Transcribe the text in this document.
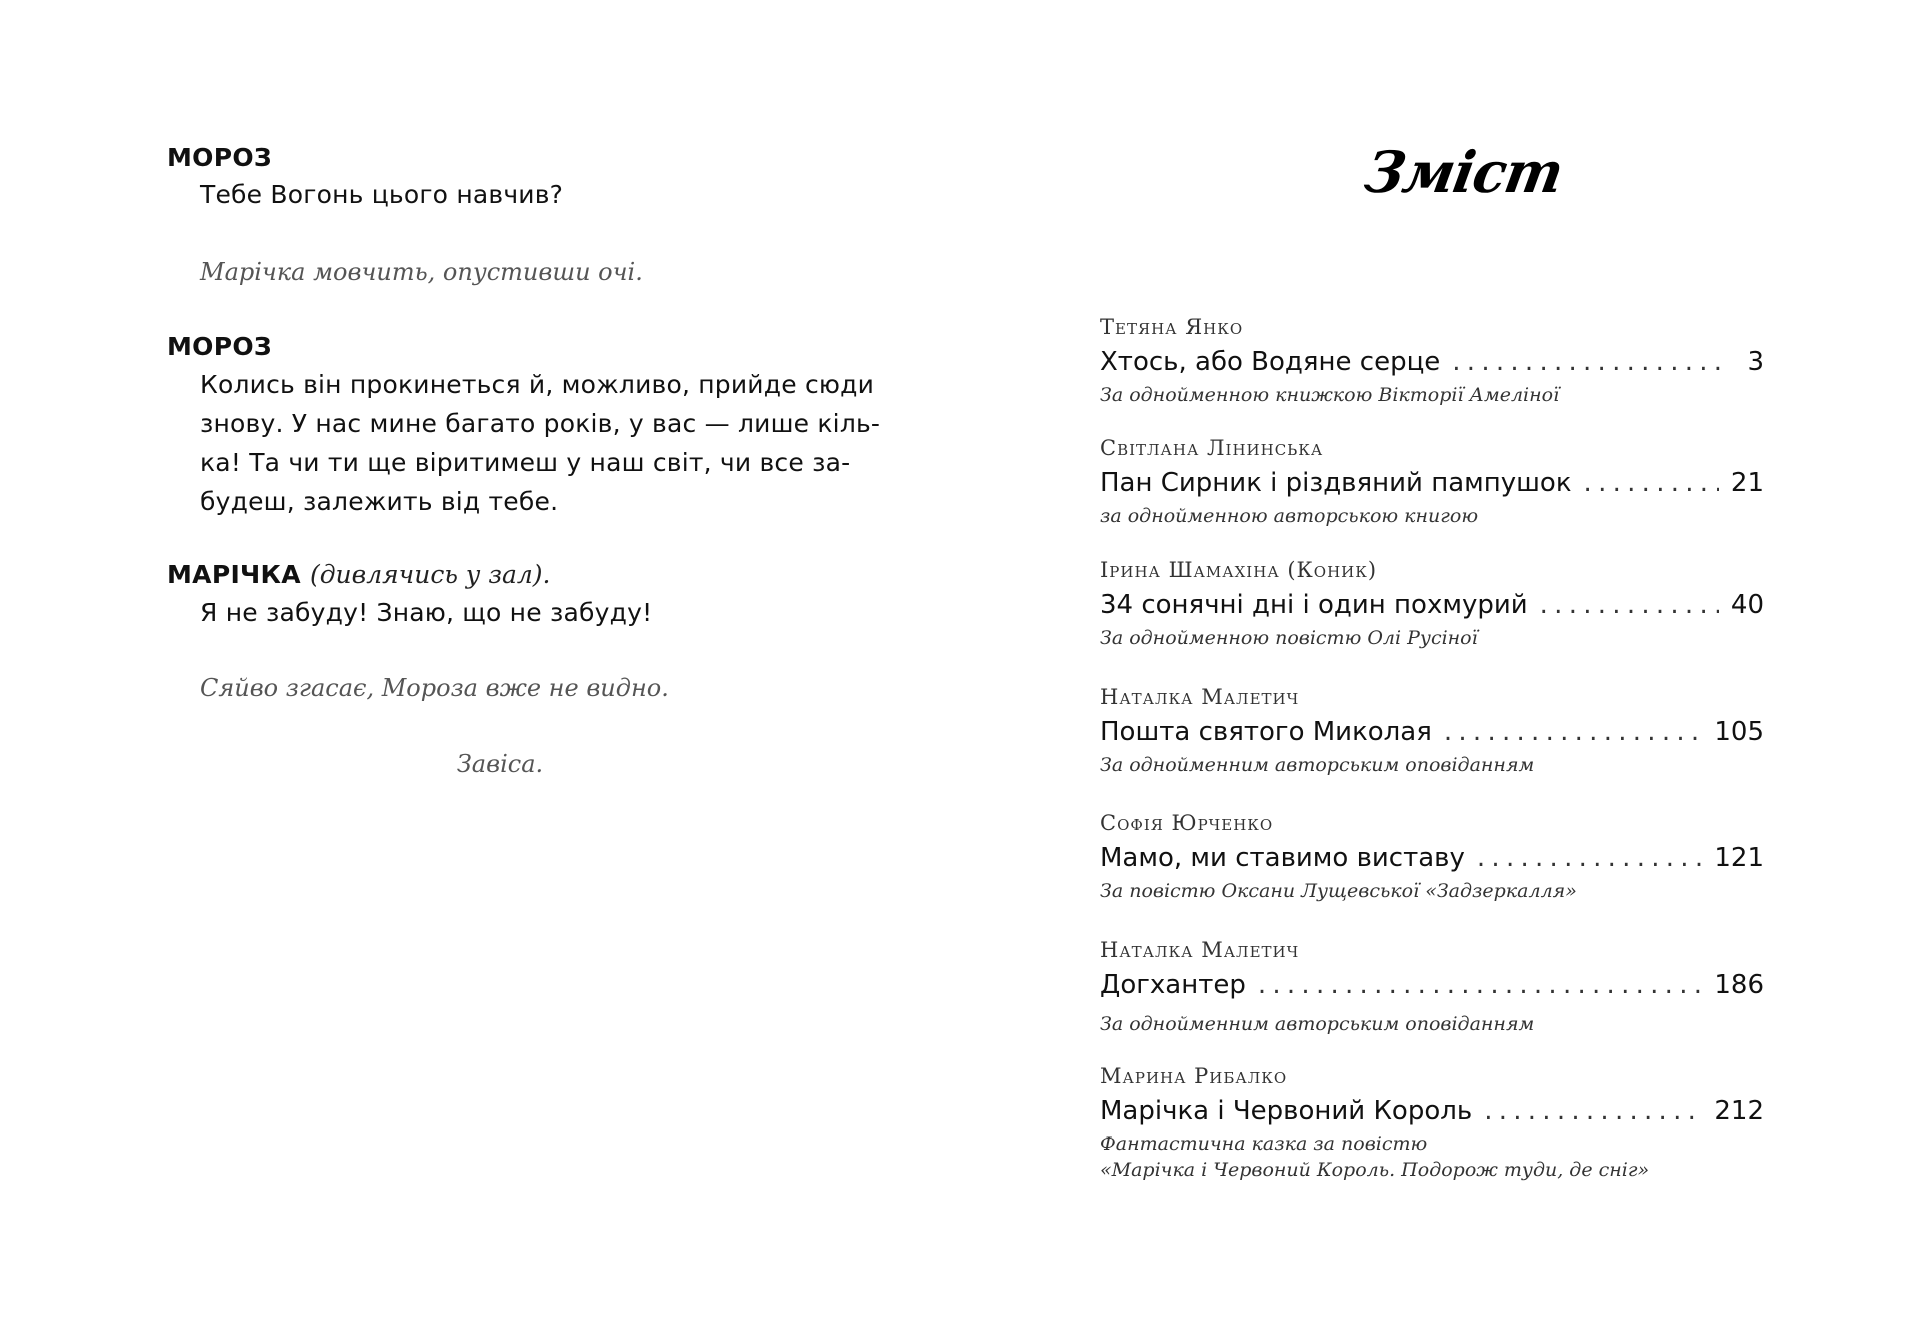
МОРОЗ
Тебе Вогонь цього навчив?
Марічка мовчить, опустивши очі.
МОРОЗ
Колись він прокинеться й, можливо, прийде сюди
знову. У нас мине багато років, у вас — лише кіль-
ка! Та чи ти ще віритимеш у наш світ, чи все за-
будеш, залежить від тебе.
МАРІЧКА (дивлячись у зал).
Я не забуду! Знаю, що не забуду!
Сяйво згасає, Мороза вже не видно.
Завіса.
Зміст
Тетяна Янко
Хтось, або Водяне серце . . .	3
За однойменною книжкою Вікторії Амеліної
Світлана Лінинська
Пан Сирник і різдвяний пампушок . . .	21
за однойменною авторською книгою
Ірина Шамахіна (Коник)
34 сонячні дні і один похмурий . . .	40
За однойменною повістю Олі Русіної
Наталка Малетич
Пошта святого Миколая . . .	105
За однойменним авторським оповіданням
Софія Юрченко
Мамо, ми ставимо виставу . . .	121
За повістю Оксани Лущевської «Задзеркалля»
Наталка Малетич
Догхантер . . .	186
За однойменним авторським оповіданням
Марина Рибалко
Марічка і Червоний Король . . .	212
Фантастична казка за повістю
«Марічка і Червоний Король. Подорож туди, де сніг»
